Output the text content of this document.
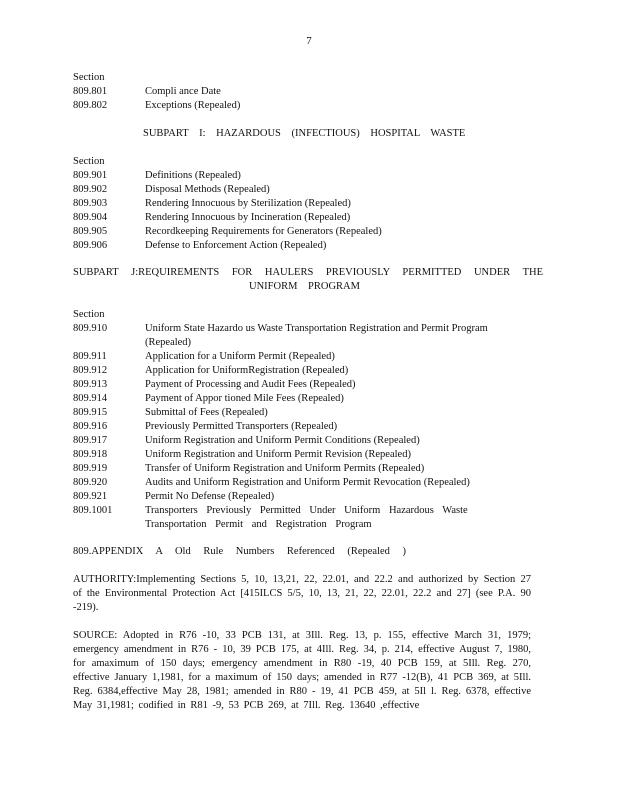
7
Section
809.801	Compli ance Date
809.802	Exceptions (Repealed)
SUBPART I: HAZARDOUS (INFECTIOUS) HOSPITAL WASTE
Section
809.901	Definitions (Repealed)
809.902	Disposal Methods (Repealed)
809.903	Rendering Innocuous by Sterilization (Repealed)
809.904	Rendering Innocuous by Incineration (Repealed)
809.905	Recordkeeping Requirements for Generators (Repealed)
809.906	Defense to Enforcement Action (Repealed)
SUBPART J:REQUIREMENTS FOR HAULERS PREVIOUSLY PERMITTED UNDER THE
UNIFORM PROGRAM
Section
809.910	Uniform State Hazardo us Waste Transportation Registration and Permit Program (Repealed)
809.911	Application for a Uniform Permit (Repealed)
809.912	Application for UniformRegistration (Repealed)
809.913	Payment of Processing and Audit Fees (Repealed)
809.914	Payment of Appor tioned Mile Fees (Repealed)
809.915	Submittal of Fees (Repealed)
809.916	Previously Permitted Transporters (Repealed)
809.917	Uniform Registration and Uniform Permit Conditions (Repealed)
809.918	Uniform Registration and Uniform Permit Revision (Repealed)
809.919	Transfer of Uniform Registration and Uniform Permits (Repealed)
809.920	Audits and Uniform Registration and Uniform Permit Revocation (Repealed)
809.921	Permit No Defense (Repealed)
809.1001	Transporters Previously Permitted Under Uniform Hazardous Waste Transportation Permit and Registration Program
809.APPENDIX A Old Rule Numbers Referenced (Repealed )
AUTHORITY:Implementing Sections 5, 10, 13,21, 22, 22.01, and 22.2 and authorized by Section 27 of the Environmental Protection Act [415ILCS 5/5, 10, 13, 21, 22, 22.01, 22.2 and 27] (see P.A. 90 -219).
SOURCE: Adopted in R76 -10, 33 PCB 131, at 3Ill. Reg. 13, p. 155, effective March 31, 1979; emergency amendment in R76 - 10, 39 PCB 175, at 4Ill. Reg. 34, p. 214, effective August 7, 1980, for amaximum of 150 days; emergency amendment in R80 -19, 40 PCB 159, at 5Ill. Reg. 270, effective January 1,1981, for a maximum of 150 days; amended in R77 -12(B), 41 PCB 369, at 5Ill. Reg. 6384,effective May 28, 1981; amended in R80 - 19, 41 PCB 459, at 5Il l. Reg. 6378, effective May 31,1981; codified in R81 -9, 53 PCB 269, at 7Ill. Reg. 13640 ,effective
